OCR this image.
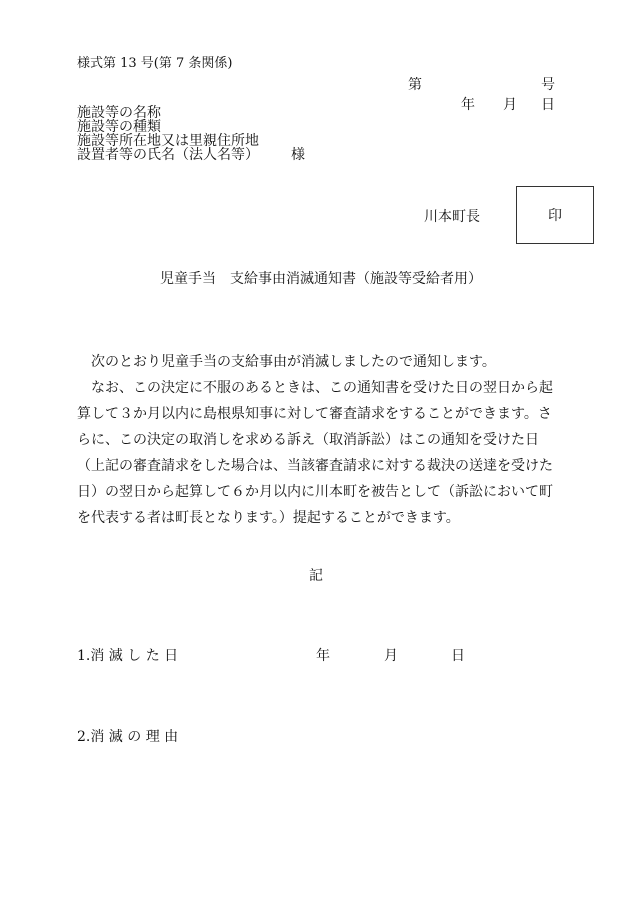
様式第 13 号(第 7 条関係)
第	号
年 月 日
施設等の名称
施設等の種類
施設等所在地又は里親住所地
設置者等の氏名（法人名等） 様
川本町長	印
児童手当　支給事由消滅通知書（施設等受給者用）

次のとおり児童手当の支給事由が消滅しましたので通知します。

なお、この決定に不服のあるときは、この通知書を受けた日の翌日から起算して３か月以内に島根県知事に対して審査請求をすることができます。さらに、この決定の取消しを求める訴え（取消訴訟）はこの通知を受けた日（上記の審査請求をした場合は、当該審査請求に対する裁決の送達を受けた日）の翌日から起算して６か月以内に川本町を被告として（訴訟において町を代表する者は町長となります。）提起することができます。

記
1.消 滅 し た 日	年	月	日
2.消 滅 の 理 由
